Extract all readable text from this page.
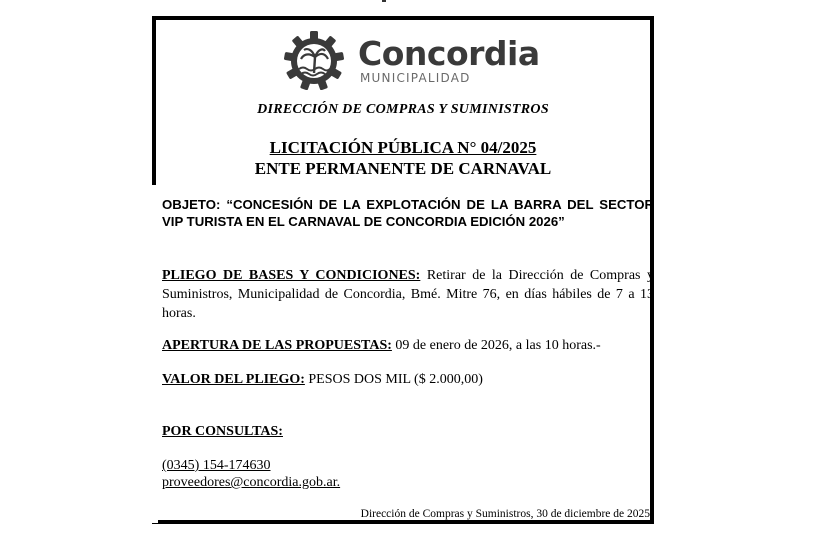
Concordia
MUNICIPALIDAD
DIRECCIÓN DE COMPRAS Y SUMINISTROS
LICITACIÓN PÚBLICA N° 04/2025
ENTE PERMANENTE DE CARNAVAL
OBJETO: “CONCESIÓN DE LA EXPLOTACIÓN DE LA BARRA DEL SECTOR VIP TURISTA EN EL CARNAVAL DE CONCORDIA EDICIÓN 2026”
PLIEGO DE BASES Y CONDICIONES: Retirar de la Dirección de Compras y Suministros, Municipalidad de Concordia, Bmé. Mitre 76, en días hábiles de 7 a 13 horas.
APERTURA DE LAS PROPUESTAS: 09 de enero de 2026, a las 10 horas.-
VALOR DEL PLIEGO: PESOS DOS MIL ($ 2.000,00)
POR CONSULTAS:
(0345) 154-174630
proveedores@concordia.gob.ar.
Dirección de Compras y Suministros, 30 de diciembre de 2025
